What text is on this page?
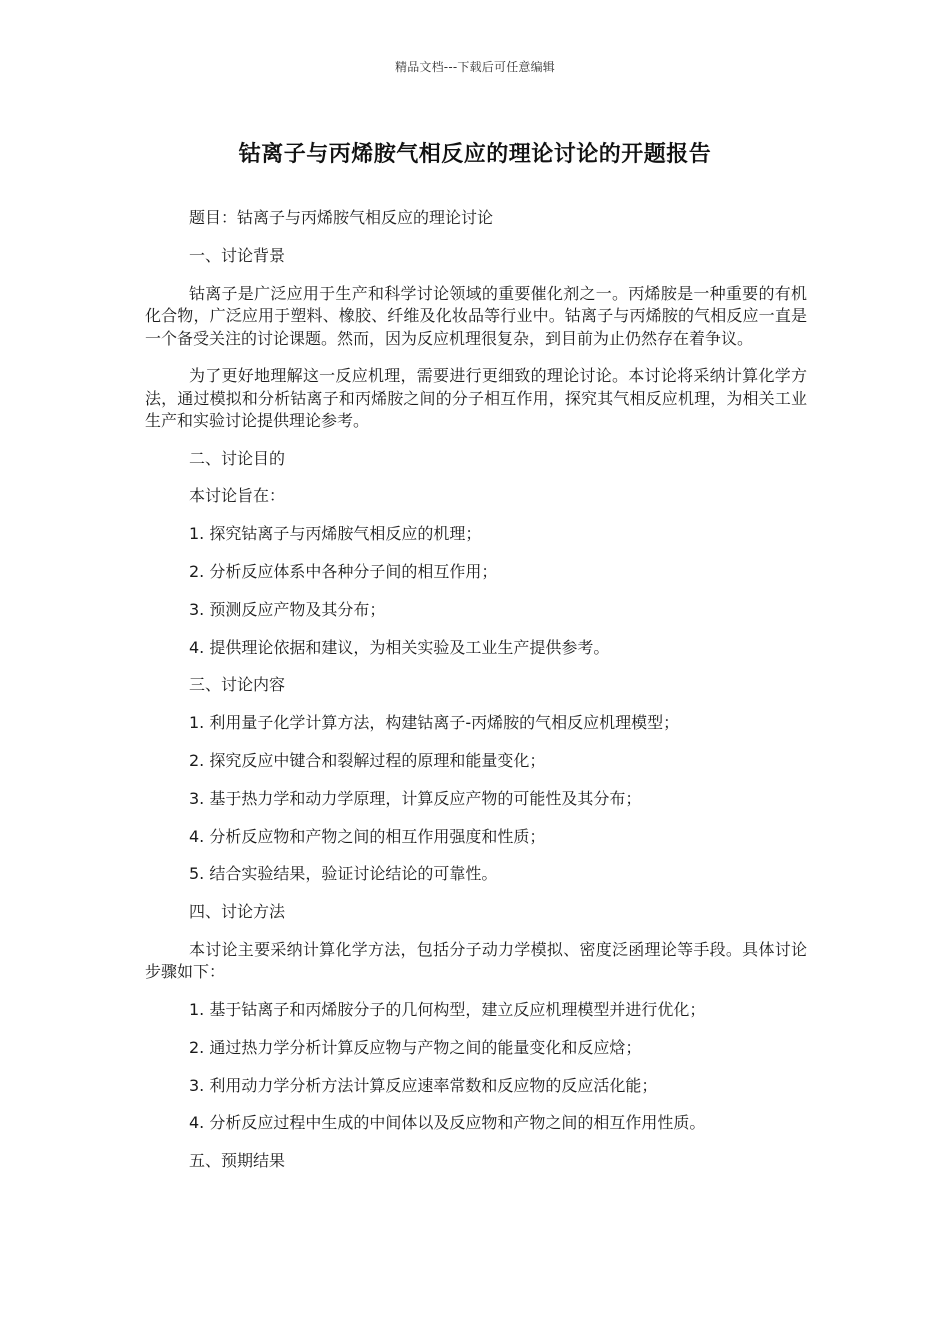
精品文档---下载后可任意编辑
钴离子与丙烯胺气相反应的理论讨论的开题报告

题目：钴离子与丙烯胺气相反应的理论讨论

一、讨论背景

钴离子是广泛应用于生产和科学讨论领域的重要催化剂之一。丙烯胺是一种重要的有机化合物，广泛应用于塑料、橡胶、纤维及化妆品等行业中。钴离子与丙烯胺的气相反应一直是一个备受关注的讨论课题。然而，因为反应机理很复杂，到目前为止仍然存在着争议。

为了更好地理解这一反应机理，需要进行更细致的理论讨论。本讨论将采纳计算化学方法，通过模拟和分析钴离子和丙烯胺之间的分子相互作用，探究其气相反应机理，为相关工业生产和实验讨论提供理论参考。

二、讨论目的

本讨论旨在：

1. 探究钴离子与丙烯胺气相反应的机理；

2. 分析反应体系中各种分子间的相互作用；

3. 预测反应产物及其分布；

4. 提供理论依据和建议，为相关实验及工业生产提供参考。

三、讨论内容

1. 利用量子化学计算方法，构建钴离子-丙烯胺的气相反应机理模型；

2. 探究反应中键合和裂解过程的原理和能量变化；

3. 基于热力学和动力学原理，计算反应产物的可能性及其分布；

4. 分析反应物和产物之间的相互作用强度和性质；

5. 结合实验结果，验证讨论结论的可靠性。

四、讨论方法

本讨论主要采纳计算化学方法，包括分子动力学模拟、密度泛函理论等手段。具体讨论步骤如下：

1. 基于钴离子和丙烯胺分子的几何构型，建立反应机理模型并进行优化；

2. 通过热力学分析计算反应物与产物之间的能量变化和反应焓；

3. 利用动力学分析方法计算反应速率常数和反应物的反应活化能；

4. 分析反应过程中生成的中间体以及反应物和产物之间的相互作用性质。

五、预期结果
